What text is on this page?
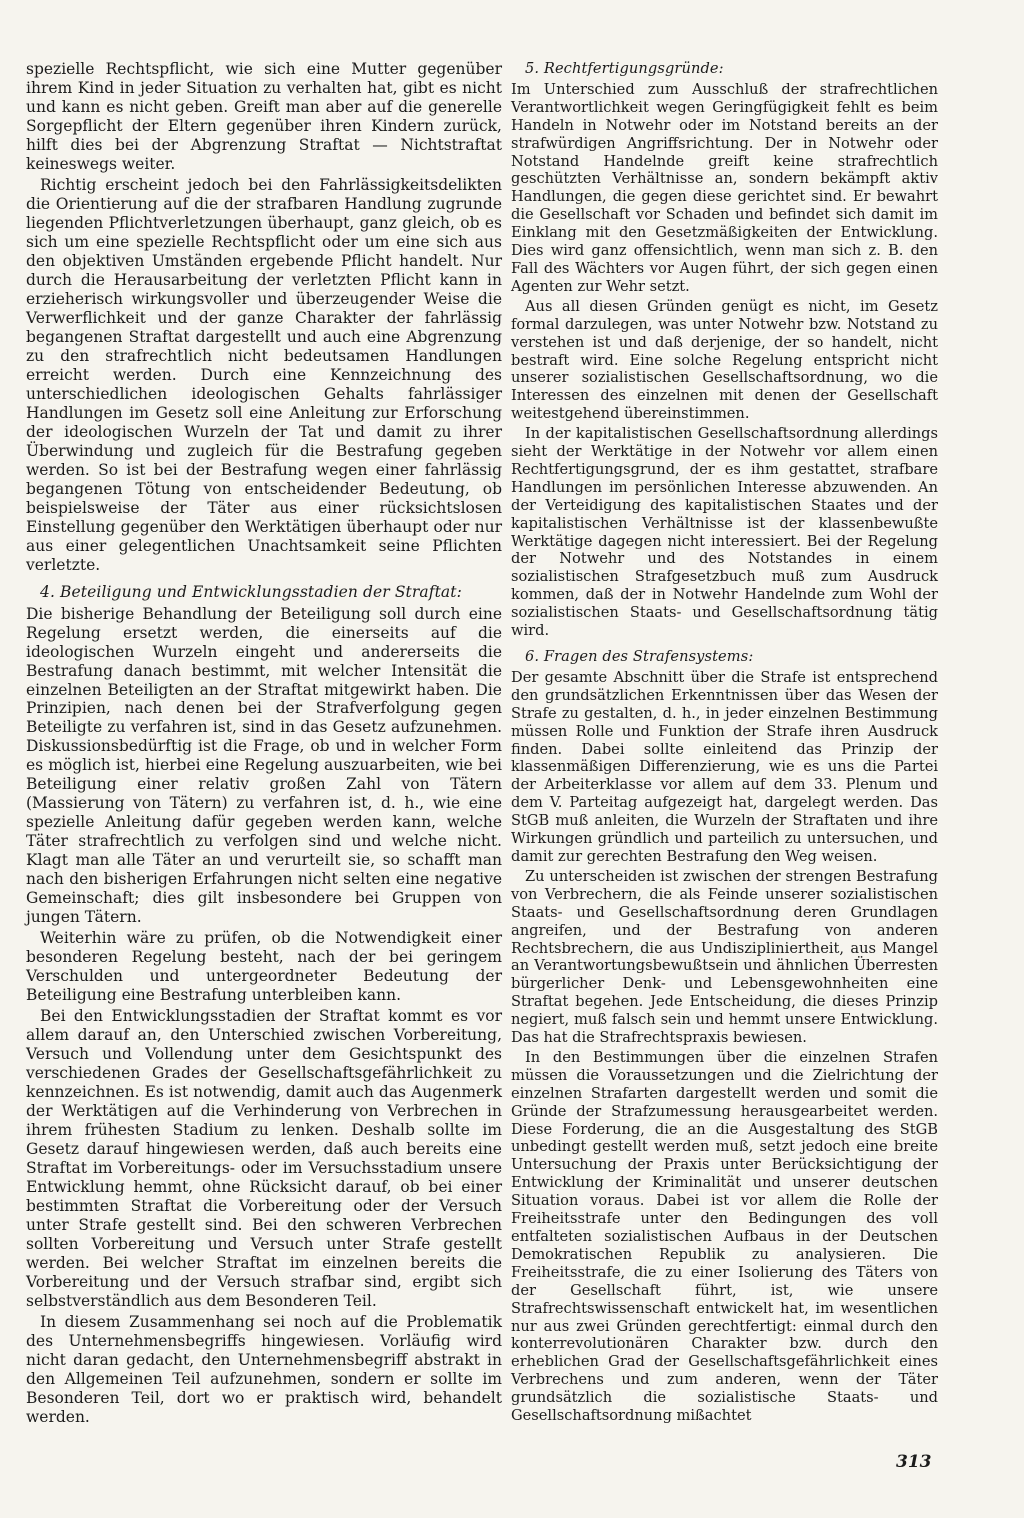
spezielle Rechtspflicht, wie sich eine Mutter gegenüber ihrem Kind in jeder Situation zu verhalten hat, gibt es nicht und kann es nicht geben. Greift man aber auf die generelle Sorgepflicht der Eltern gegenüber ihren Kindern zurück, hilft dies bei der Abgrenzung Straftat — Nichtstraftat keineswegs weiter.

Richtig erscheint jedoch bei den Fahrlässigkeitsdelikten die Orientierung auf die der strafbaren Handlung zugrunde liegenden Pflichtverletzungen überhaupt, ganz gleich, ob es sich um eine spezielle Rechtspflicht oder um eine sich aus den objektiven Umständen ergebende Pflicht handelt. Nur durch die Herausarbeitung der verletzten Pflicht kann in erzieherisch wirkungsvoller und überzeugender Weise die Verwerflichkeit und der ganze Charakter der fahrlässig begangenen Straftat dargestellt und auch eine Abgrenzung zu den strafrechtlich nicht bedeutsamen Handlungen erreicht werden. Durch eine Kennzeichnung des unterschiedlichen ideologischen Gehalts fahrlässiger Handlungen im Gesetz soll eine Anleitung zur Erforschung der ideologischen Wurzeln der Tat und damit zu ihrer Überwindung und zugleich für die Bestrafung gegeben werden. So ist bei der Bestrafung wegen einer fahrlässig begangenen Tötung von entscheidender Bedeutung, ob beispielsweise der Täter aus einer rücksichtslosen Einstellung gegenüber den Werktätigen überhaupt oder nur aus einer gelegentlichen Unachtsamkeit seine Pflichten verletzte.

4. Beteiligung und Entwicklungsstadien der Straftat:

Die bisherige Behandlung der Beteiligung soll durch eine Regelung ersetzt werden, die einerseits auf die ideologischen Wurzeln eingeht und andererseits die Bestrafung danach bestimmt, mit welcher Intensität die einzelnen Beteiligten an der Straftat mitgewirkt haben. Die Prinzipien, nach denen bei der Strafverfolgung gegen Beteiligte zu verfahren ist, sind in das Gesetz aufzunehmen. Diskussionsbedürftig ist die Frage, ob und in welcher Form es möglich ist, hierbei eine Regelung auszuarbeiten, wie bei Beteiligung einer relativ großen Zahl von Tätern (Massierung von Tätern) zu verfahren ist, d. h., wie eine spezielle Anleitung dafür gegeben werden kann, welche Täter strafrechtlich zu verfolgen sind und welche nicht. Klagt man alle Täter an und verurteilt sie, so schafft man nach den bisherigen Erfahrungen nicht selten eine negative Gemeinschaft; dies gilt insbesondere bei Gruppen von jungen Tätern.

Weiterhin wäre zu prüfen, ob die Notwendigkeit einer besonderen Regelung besteht, nach der bei geringem Verschulden und untergeordneter Bedeutung der Beteiligung eine Bestrafung unterbleiben kann.

Bei den Entwicklungsstadien der Straftat kommt es vor allem darauf an, den Unterschied zwischen Vorbereitung, Versuch und Vollendung unter dem Gesichtspunkt des verschiedenen Grades der Gesellschaftsgefährlichkeit zu kennzeichnen. Es ist notwendig, damit auch das Augenmerk der Werktätigen auf die Verhinderung von Verbrechen in ihrem frühesten Stadium zu lenken. Deshalb sollte im Gesetz darauf hingewiesen werden, daß auch bereits eine Straftat im Vorbereitungs- oder im Versuchsstadium unsere Entwicklung hemmt, ohne Rücksicht darauf, ob bei einer bestimmten Straftat die Vorbereitung oder der Versuch unter Strafe gestellt sind. Bei den schweren Verbrechen sollten Vorbereitung und Versuch unter Strafe gestellt werden. Bei welcher Straftat im einzelnen bereits die Vorbereitung und der Versuch strafbar sind, ergibt sich selbstverständlich aus dem Besonderen Teil.

In diesem Zusammenhang sei noch auf die Problematik des Unternehmensbegriffs hingewiesen. Vorläufig wird nicht daran gedacht, den Unternehmensbegriff abstrakt in den Allgemeinen Teil aufzunehmen, sondern er sollte im Besonderen Teil, dort wo er praktisch wird, behandelt werden.

5. Rechtfertigungsgründe:

Im Unterschied zum Ausschluß der strafrechtlichen Verantwortlichkeit wegen Geringfügigkeit fehlt es beim Handeln in Notwehr oder im Notstand bereits an der strafwürdigen Angriffsrichtung. Der in Notwehr oder Notstand Handelnde greift keine strafrechtlich geschützten Verhältnisse an, sondern bekämpft aktiv Handlungen, die gegen diese gerichtet sind. Er bewahrt die Gesellschaft vor Schaden und befindet sich damit im Einklang mit den Gesetzmäßigkeiten der Entwicklung. Dies wird ganz offensichtlich, wenn man sich z. B. den Fall des Wächters vor Augen führt, der sich gegen einen Agenten zur Wehr setzt.

Aus all diesen Gründen genügt es nicht, im Gesetz formal darzulegen, was unter Notwehr bzw. Notstand zu verstehen ist und daß derjenige, der so handelt, nicht bestraft wird. Eine solche Regelung entspricht nicht unserer sozialistischen Gesellschaftsordnung, wo die Interessen des einzelnen mit denen der Gesellschaft weitestgehend übereinstimmen.

In der kapitalistischen Gesellschaftsordnung allerdings sieht der Werktätige in der Notwehr vor allem einen Rechtfertigungsgrund, der es ihm gestattet, strafbare Handlungen im persönlichen Interesse abzuwenden. An der Verteidigung des kapitalistischen Staates und der kapitalistischen Verhältnisse ist der klassenbewußte Werktätige dagegen nicht interessiert. Bei der Regelung der Notwehr und des Notstandes in einem sozialistischen Strafgesetzbuch muß zum Ausdruck kommen, daß der in Notwehr Handelnde zum Wohl der sozialistischen Staats- und Gesellschaftsordnung tätig wird.

6. Fragen des Strafensystems:

Der gesamte Abschnitt über die Strafe ist entsprechend den grundsätzlichen Erkenntnissen über das Wesen der Strafe zu gestalten, d. h., in jeder einzelnen Bestimmung müssen Rolle und Funktion der Strafe ihren Ausdruck finden. Dabei sollte einleitend das Prinzip der klassenmäßigen Differenzierung, wie es uns die Partei der Arbeiterklasse vor allem auf dem 33. Plenum und dem V. Parteitag aufgezeigt hat, dargelegt werden. Das StGB muß anleiten, die Wurzeln der Straftaten und ihre Wirkungen gründlich und parteilich zu untersuchen, und damit zur gerechten Bestrafung den Weg weisen.

Zu unterscheiden ist zwischen der strengen Bestrafung von Verbrechern, die als Feinde unserer sozialistischen Staats- und Gesellschaftsordnung deren Grundlagen angreifen, und der Bestrafung von anderen Rechtsbrechern, die aus Undiszipliniertheit, aus Mangel an Verantwortungsbewußtsein und ähnlichen Überresten bürgerlicher Denk- und Lebensgewohnheiten eine Straftat begehen. Jede Entscheidung, die dieses Prinzip negiert, muß falsch sein und hemmt unsere Entwicklung. Das hat die Strafrechtspraxis bewiesen.

In den Bestimmungen über die einzelnen Strafen müssen die Voraussetzungen und die Zielrichtung der einzelnen Strafarten dargestellt werden und somit die Gründe der Strafzumessung herausgearbeitet werden. Diese Forderung, die an die Ausgestaltung des StGB unbedingt gestellt werden muß, setzt jedoch eine breite Untersuchung der Praxis unter Berücksichtigung der Entwicklung der Kriminalität und unserer deutschen Situation voraus. Dabei ist vor allem die Rolle der Freiheitsstrafe unter den Bedingungen des voll entfalteten sozialistischen Aufbaus in der Deutschen Demokratischen Republik zu analysieren. Die Freiheitsstrafe, die zu einer Isolierung des Täters von der Gesellschaft führt, ist, wie unsere Strafrechtswissenschaft entwickelt hat, im wesentlichen nur aus zwei Gründen gerechtfertigt: einmal durch den konterrevolutionären Charakter bzw. durch den erheblichen Grad der Gesellschaftsgefährlichkeit eines Verbrechens und zum anderen, wenn der Täter grundsätzlich die sozialistische Staats- und Gesellschaftsordnung mißachtet

313
